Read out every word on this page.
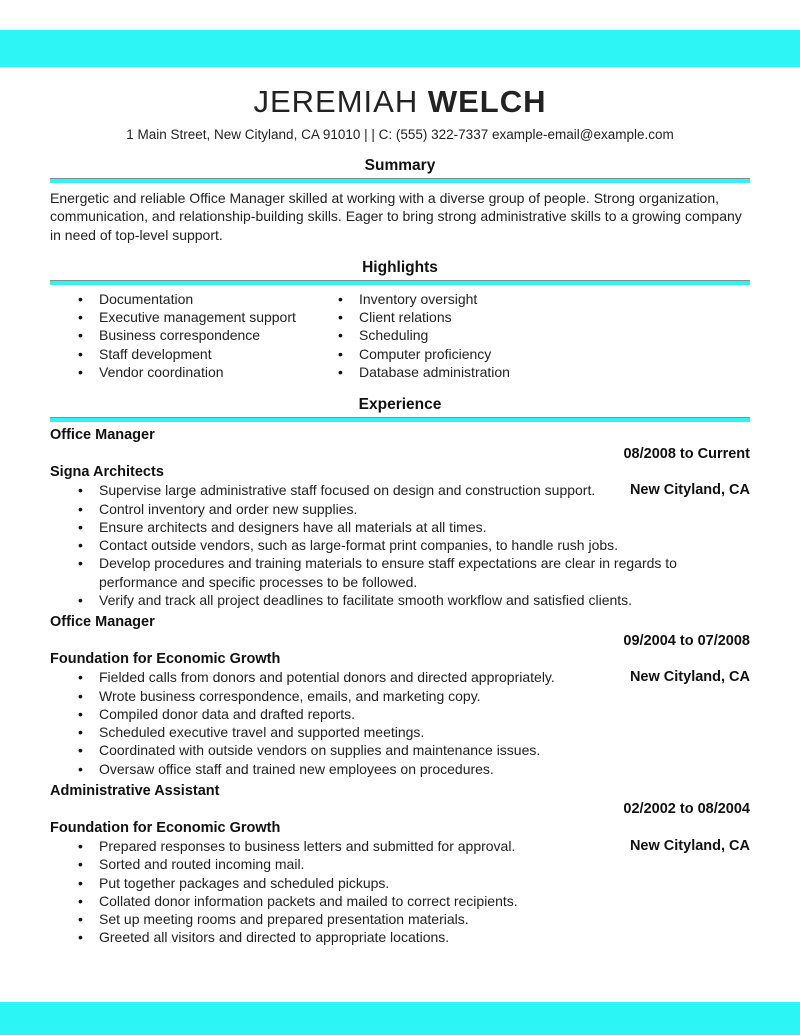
JEREMIAH WELCH
1 Main Street, New Cityland, CA 91010 | | C: (555) 322-7337 example-email@example.com
Summary

Energetic and reliable Office Manager skilled at working with a diverse group of people. Strong organization, communication, and relationship-building skills. Eager to bring strong administrative skills to a growing company in need of top-level support.

Highlights
• Documentation
• Executive management support
• Business correspondence
• Staff development
• Vendor coordination
• Inventory oversight
• Client relations
• Scheduling
• Computer proficiency
• Database administration
Experience
Office Manager
08/2008 to Current
Signa Architects
• Supervise large administrative staff focused on design and construction support.	New Cityland, CA
• Control inventory and order new supplies.
• Ensure architects and designers have all materials at all times.
• Contact outside vendors, such as large-format print companies, to handle rush jobs.
• Develop procedures and training materials to ensure staff expectations are clear in regards to performance and specific processes to be followed.
• Verify and track all project deadlines to facilitate smooth workflow and satisfied clients.
Office Manager
09/2004 to 07/2008
Foundation for Economic Growth
• Fielded calls from donors and potential donors and directed appropriately.	New Cityland, CA
• Wrote business correspondence, emails, and marketing copy.
• Compiled donor data and drafted reports.
• Scheduled executive travel and supported meetings.
• Coordinated with outside vendors on supplies and maintenance issues.
• Oversaw office staff and trained new employees on procedures.
Administrative Assistant
02/2002 to 08/2004
Foundation for Economic Growth
• Prepared responses to business letters and submitted for approval.	New Cityland, CA
• Sorted and routed incoming mail.
• Put together packages and scheduled pickups.
• Collated donor information packets and mailed to correct recipients.
• Set up meeting rooms and prepared presentation materials.
• Greeted all visitors and directed to appropriate locations.
